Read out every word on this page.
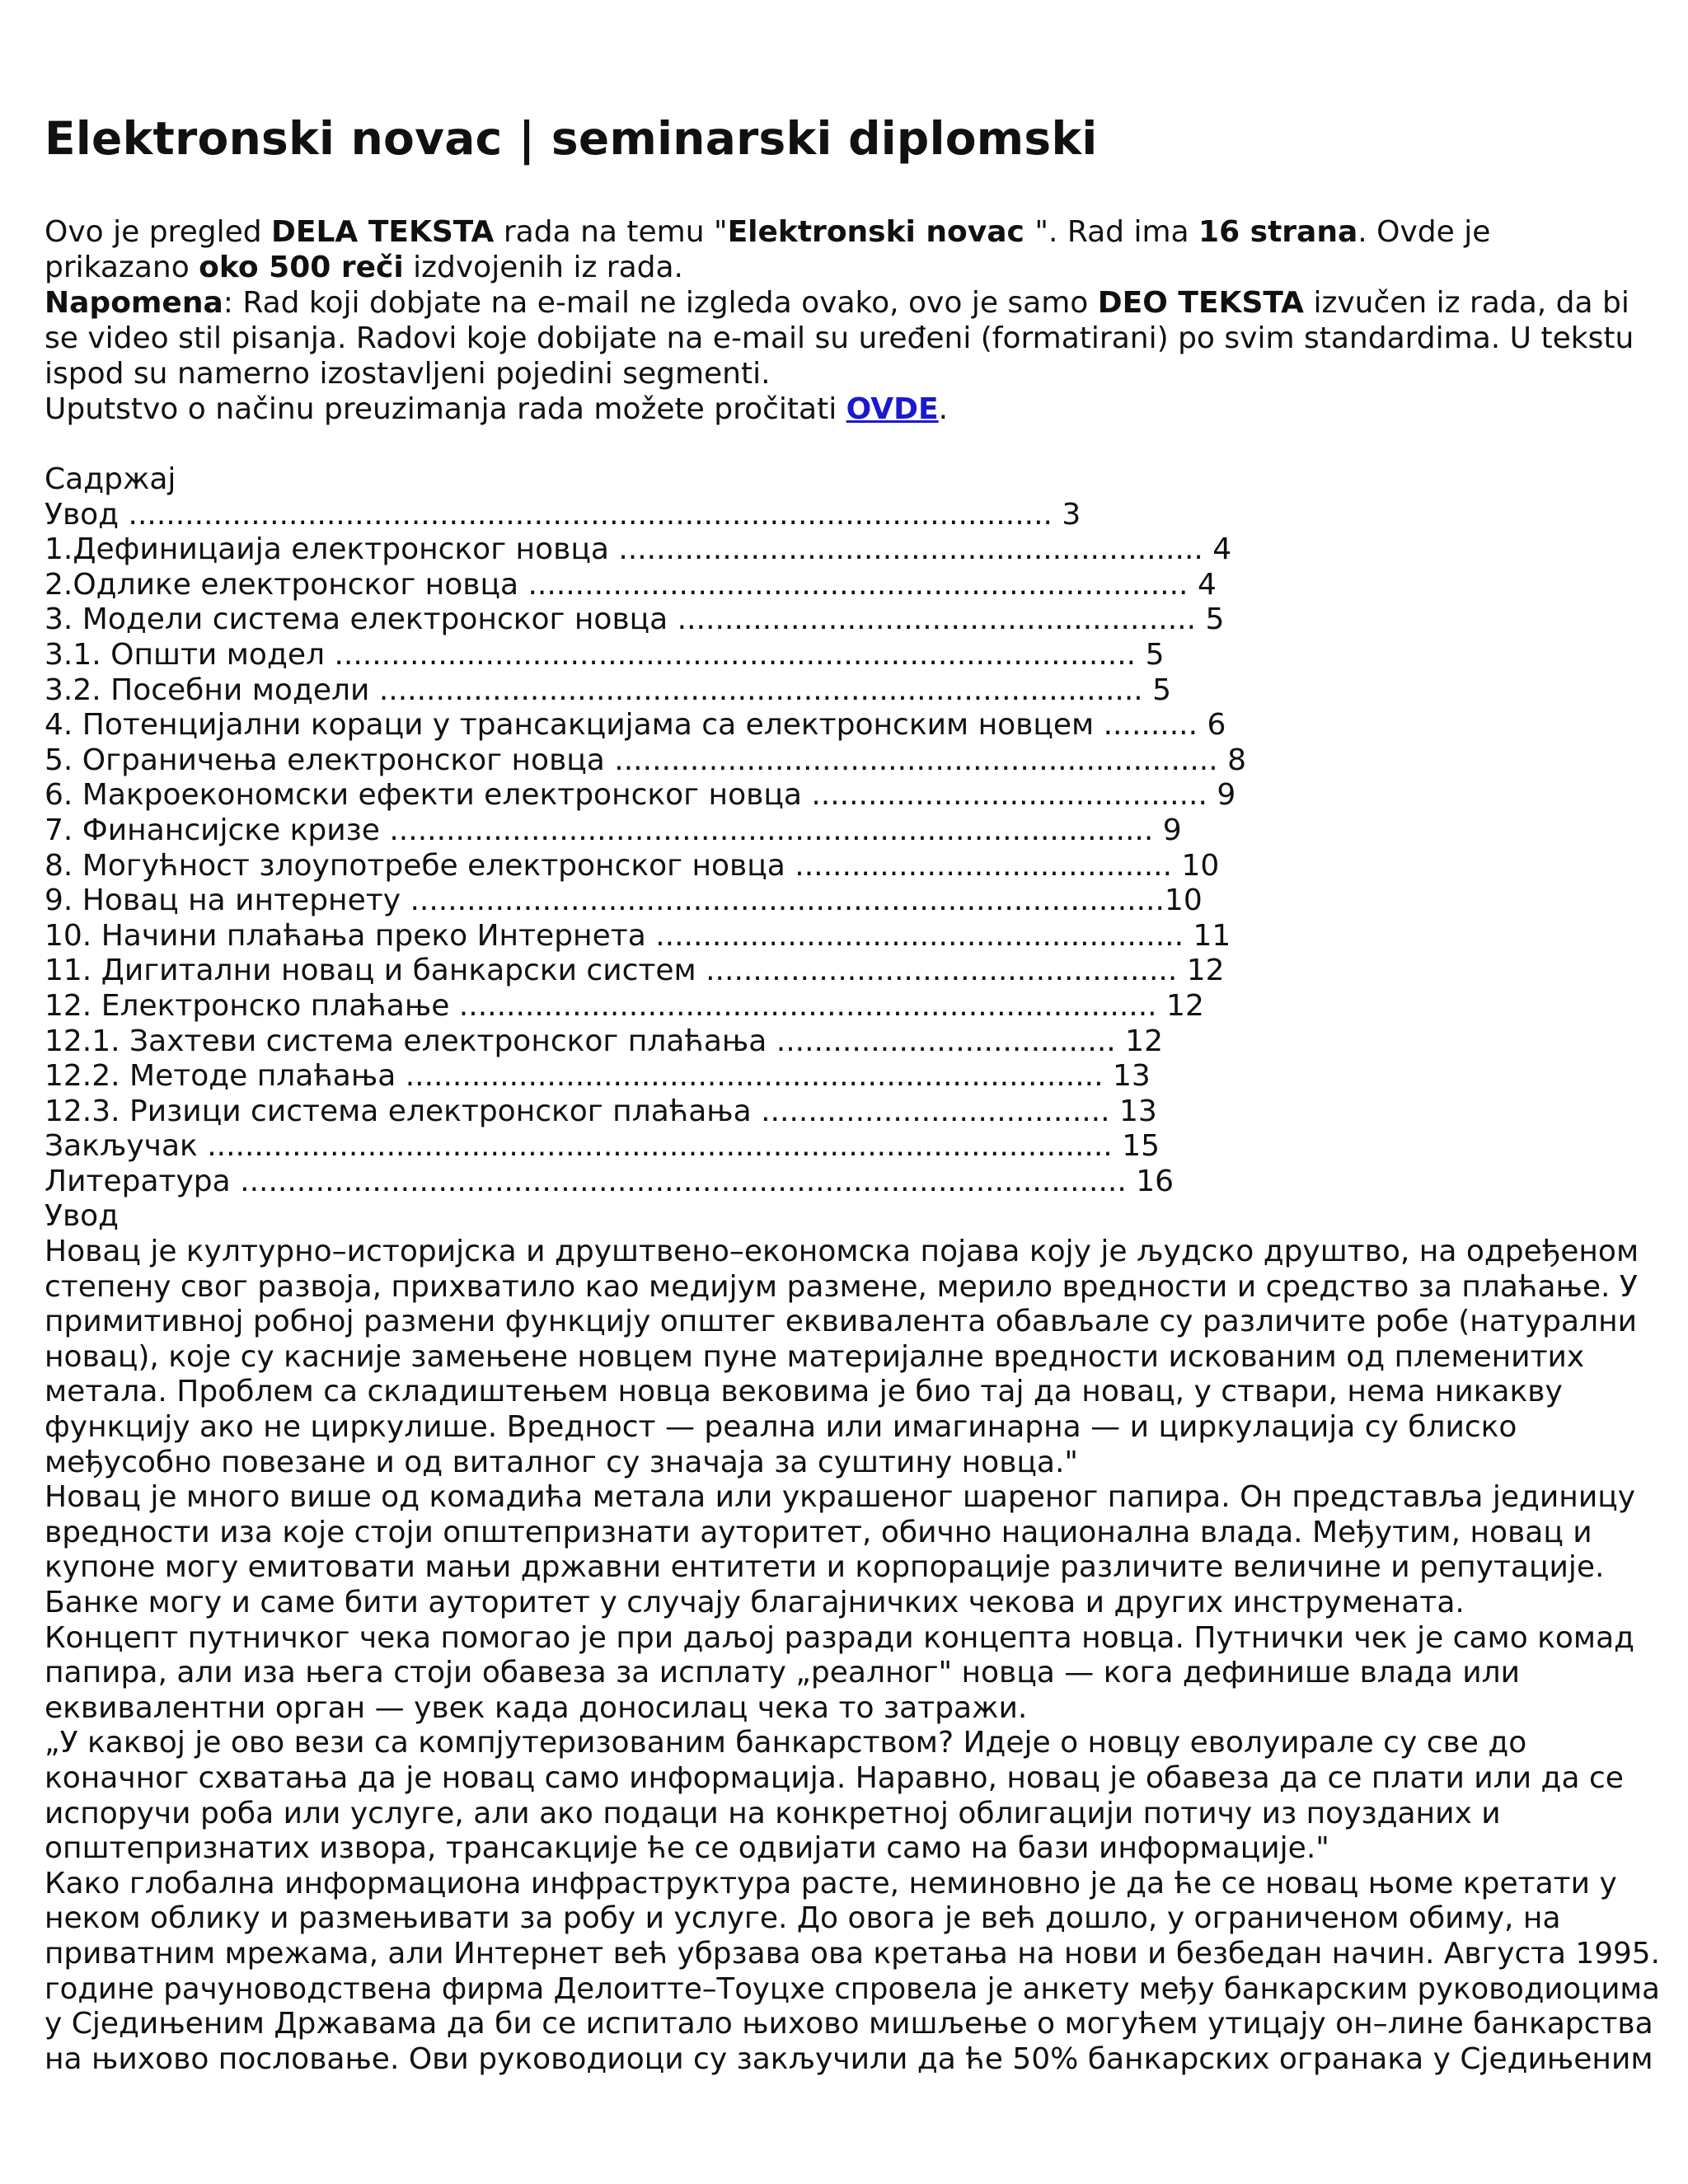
Elektronski novac | seminarski diplomski

Ovo je pregled DELA TEKSTA rada na temu "Elektronski novac ". Rad ima 16 strana. Ovde je

prikazano oko 500 reči izdvojenih iz rada.

Napomena: Rad koji dobjate na e-mail ne izgleda ovako, ovo je samo DEO TEKSTA izvučen iz rada, da bi

se video stil pisanja. Radovi koje dobijate na e-mail su uređeni (formatirani) po svim standardima. U tekstu

ispod su namerno izostavljeni pojedini segmenti.

Uputstvo o načinu preuzimanja rada možete pročitati OVDE.

Садржај
Увод .................................................................................................. 3
1.Дефиницаија електронског новца .............................................................. 4
2.Одлике електронског новца ...................................................................... 4
3. Модели система електронског новца ....................................................... 5
3.1. Општи модел ..................................................................................... 5
3.2. Посебни модели ................................................................................. 5
4. Потенцијални кораци у трансакцијама са електронским новцем .......... 6
5. Ограничења електронског новца ................................................................ 8
6. Макроекономски ефекти електронског новца .......................................... 9
7. Финансијске кризе ................................................................................. 9
8. Могућност злоупотребе електронског новца ........................................ 10
9. Новац на интернету ................................................................................10
10. Начини плаћања преко Интернета ........................................................ 11
11. Дигитални новац и банкарски систем .................................................. 12
12. Електронско плаћање .......................................................................... 12
12.1. Захтеви система електронског плаћања .................................... 12
12.2. Методе плаћања .......................................................................... 13
12.3. Ризици система електронског плаћања ..................................... 13
Закључак ................................................................................................ 15
Литература .............................................................................................. 16
Увод
Новац је културно–историјска и друштвено–економска појава коју је људско друштво, на одређеном
степену свог развоја, прихватило као медијум размене, мерило вредности и средство за плаћање. У
примитивној робној размени функцију општег еквивалента обављале су различите робе (натурални
новац), које су касније замењене новцем пуне материјалне вредности искованим од племенитих
метала. Проблем са складиштењем новца вековима је био тај да новац, у ствари, нема никакву
функцију ако не циркулише. Вредност — реална или имагинарна — и циркулација су блиско
међусобно повезане и од виталног су значаја за суштину новца."
Новац је много више од комадића метала или украшеног шареног папира. Он представља јединицу
вредности иза које стоји општепризнати ауторитет, обично национална влада. Међутим, новац и
купоне могу емитовати мањи државни ентитети и корпорације различите величине и репутације.
Банке могу и саме бити ауторитет у случају благајничких чекова и других инструмената.
Концепт путничког чека помогао је при даљој разради концепта новца. Путнички чек је само комад
папира, али иза њега стоји обавеза за исплату „реалног" новца — кога дефинише влада или
еквивалентни орган — увек када доносилац чека то затражи.
„У каквој је ово вези са компјутеризованим банкарством? Идеје о новцу еволуирале су све до
коначног схватања да је новац само информација. Наравно, новац је обавеза да се плати или да се
испоручи роба или услуге, али ако подаци на конкретној облигацији потичу из поузданих и
општепризнатих извора, трансакције ће се одвијати само на бази информације."
Како глобална информациона инфраструктура расте, неминовно је да ће се новац њоме кретати у
неком облику и размењивати за робу и услуге. До овога је већ дошло, у ограниченом обиму, на
приватним мрежама, али Интернет већ убрзава ова кретања на нови и безбедан начин. Августа 1995.
године рачуноводствена фирма Делоитте–Тоуцхе спровела је анкету међу банкарским руководиоцима
у Сједињеним Државама да би се испитало њихово мишљење о могућем утицају он–лине банкарства
на њихово пословање. Ови руководиоци су закључили да ће 50% банкарских огранака у Сједињеним
